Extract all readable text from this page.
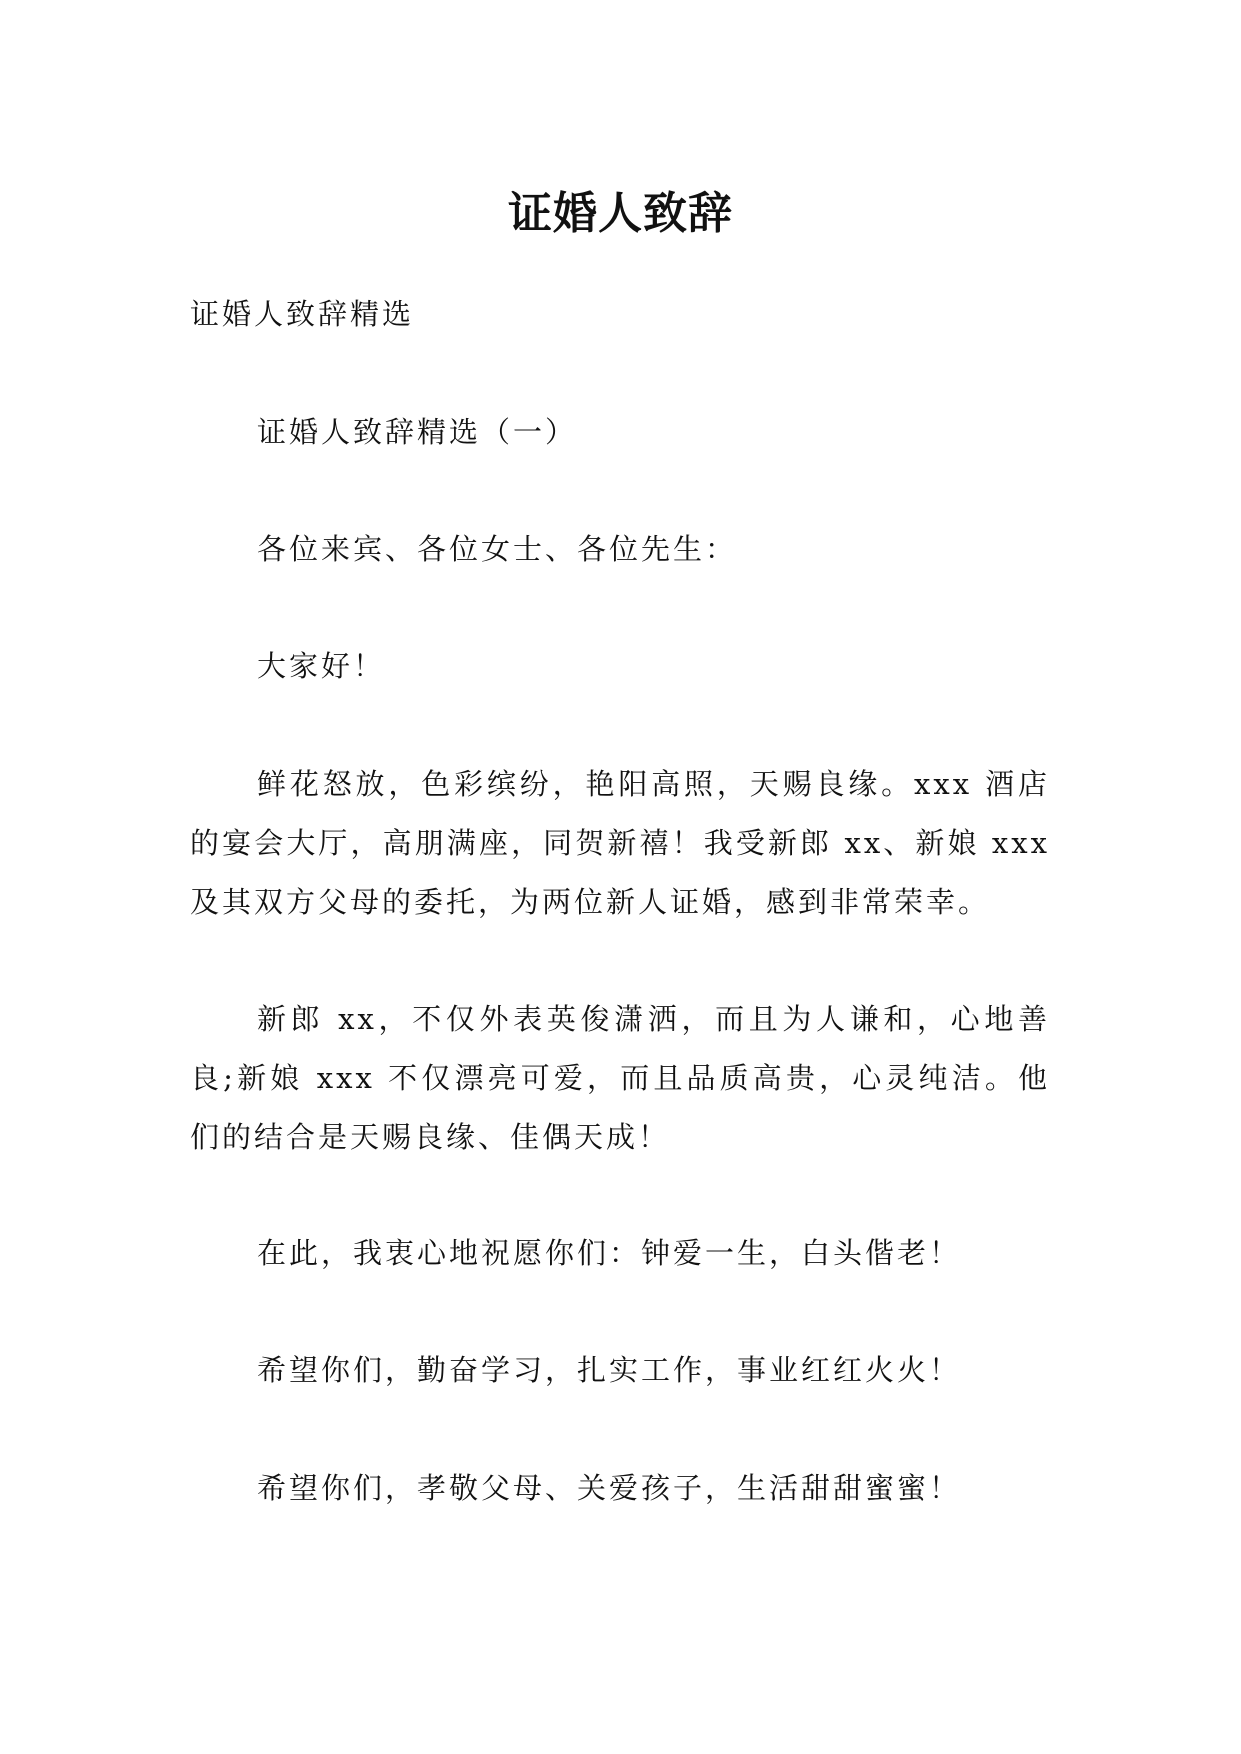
证婚人致辞

证婚人致辞精选

证婚人致辞精选（一）

各位来宾、各位女士、各位先生：

大家好！

鲜花怒放，色彩缤纷，艳阳高照，天赐良缘。xxx 酒店的宴会大厅，高朋满座，同贺新禧！我受新郎 xx、新娘 xxx 及其双方父母的委托，为两位新人证婚，感到非常荣幸。

新郎 xx，不仅外表英俊潇洒，而且为人谦和，心地善良;新娘 xxx 不仅漂亮可爱，而且品质高贵，心灵纯洁。他们的结合是天赐良缘、佳偶天成！

在此，我衷心地祝愿你们：钟爱一生，白头偕老！

希望你们，勤奋学习，扎实工作，事业红红火火！

希望你们，孝敬父母、关爱孩子，生活甜甜蜜蜜！
